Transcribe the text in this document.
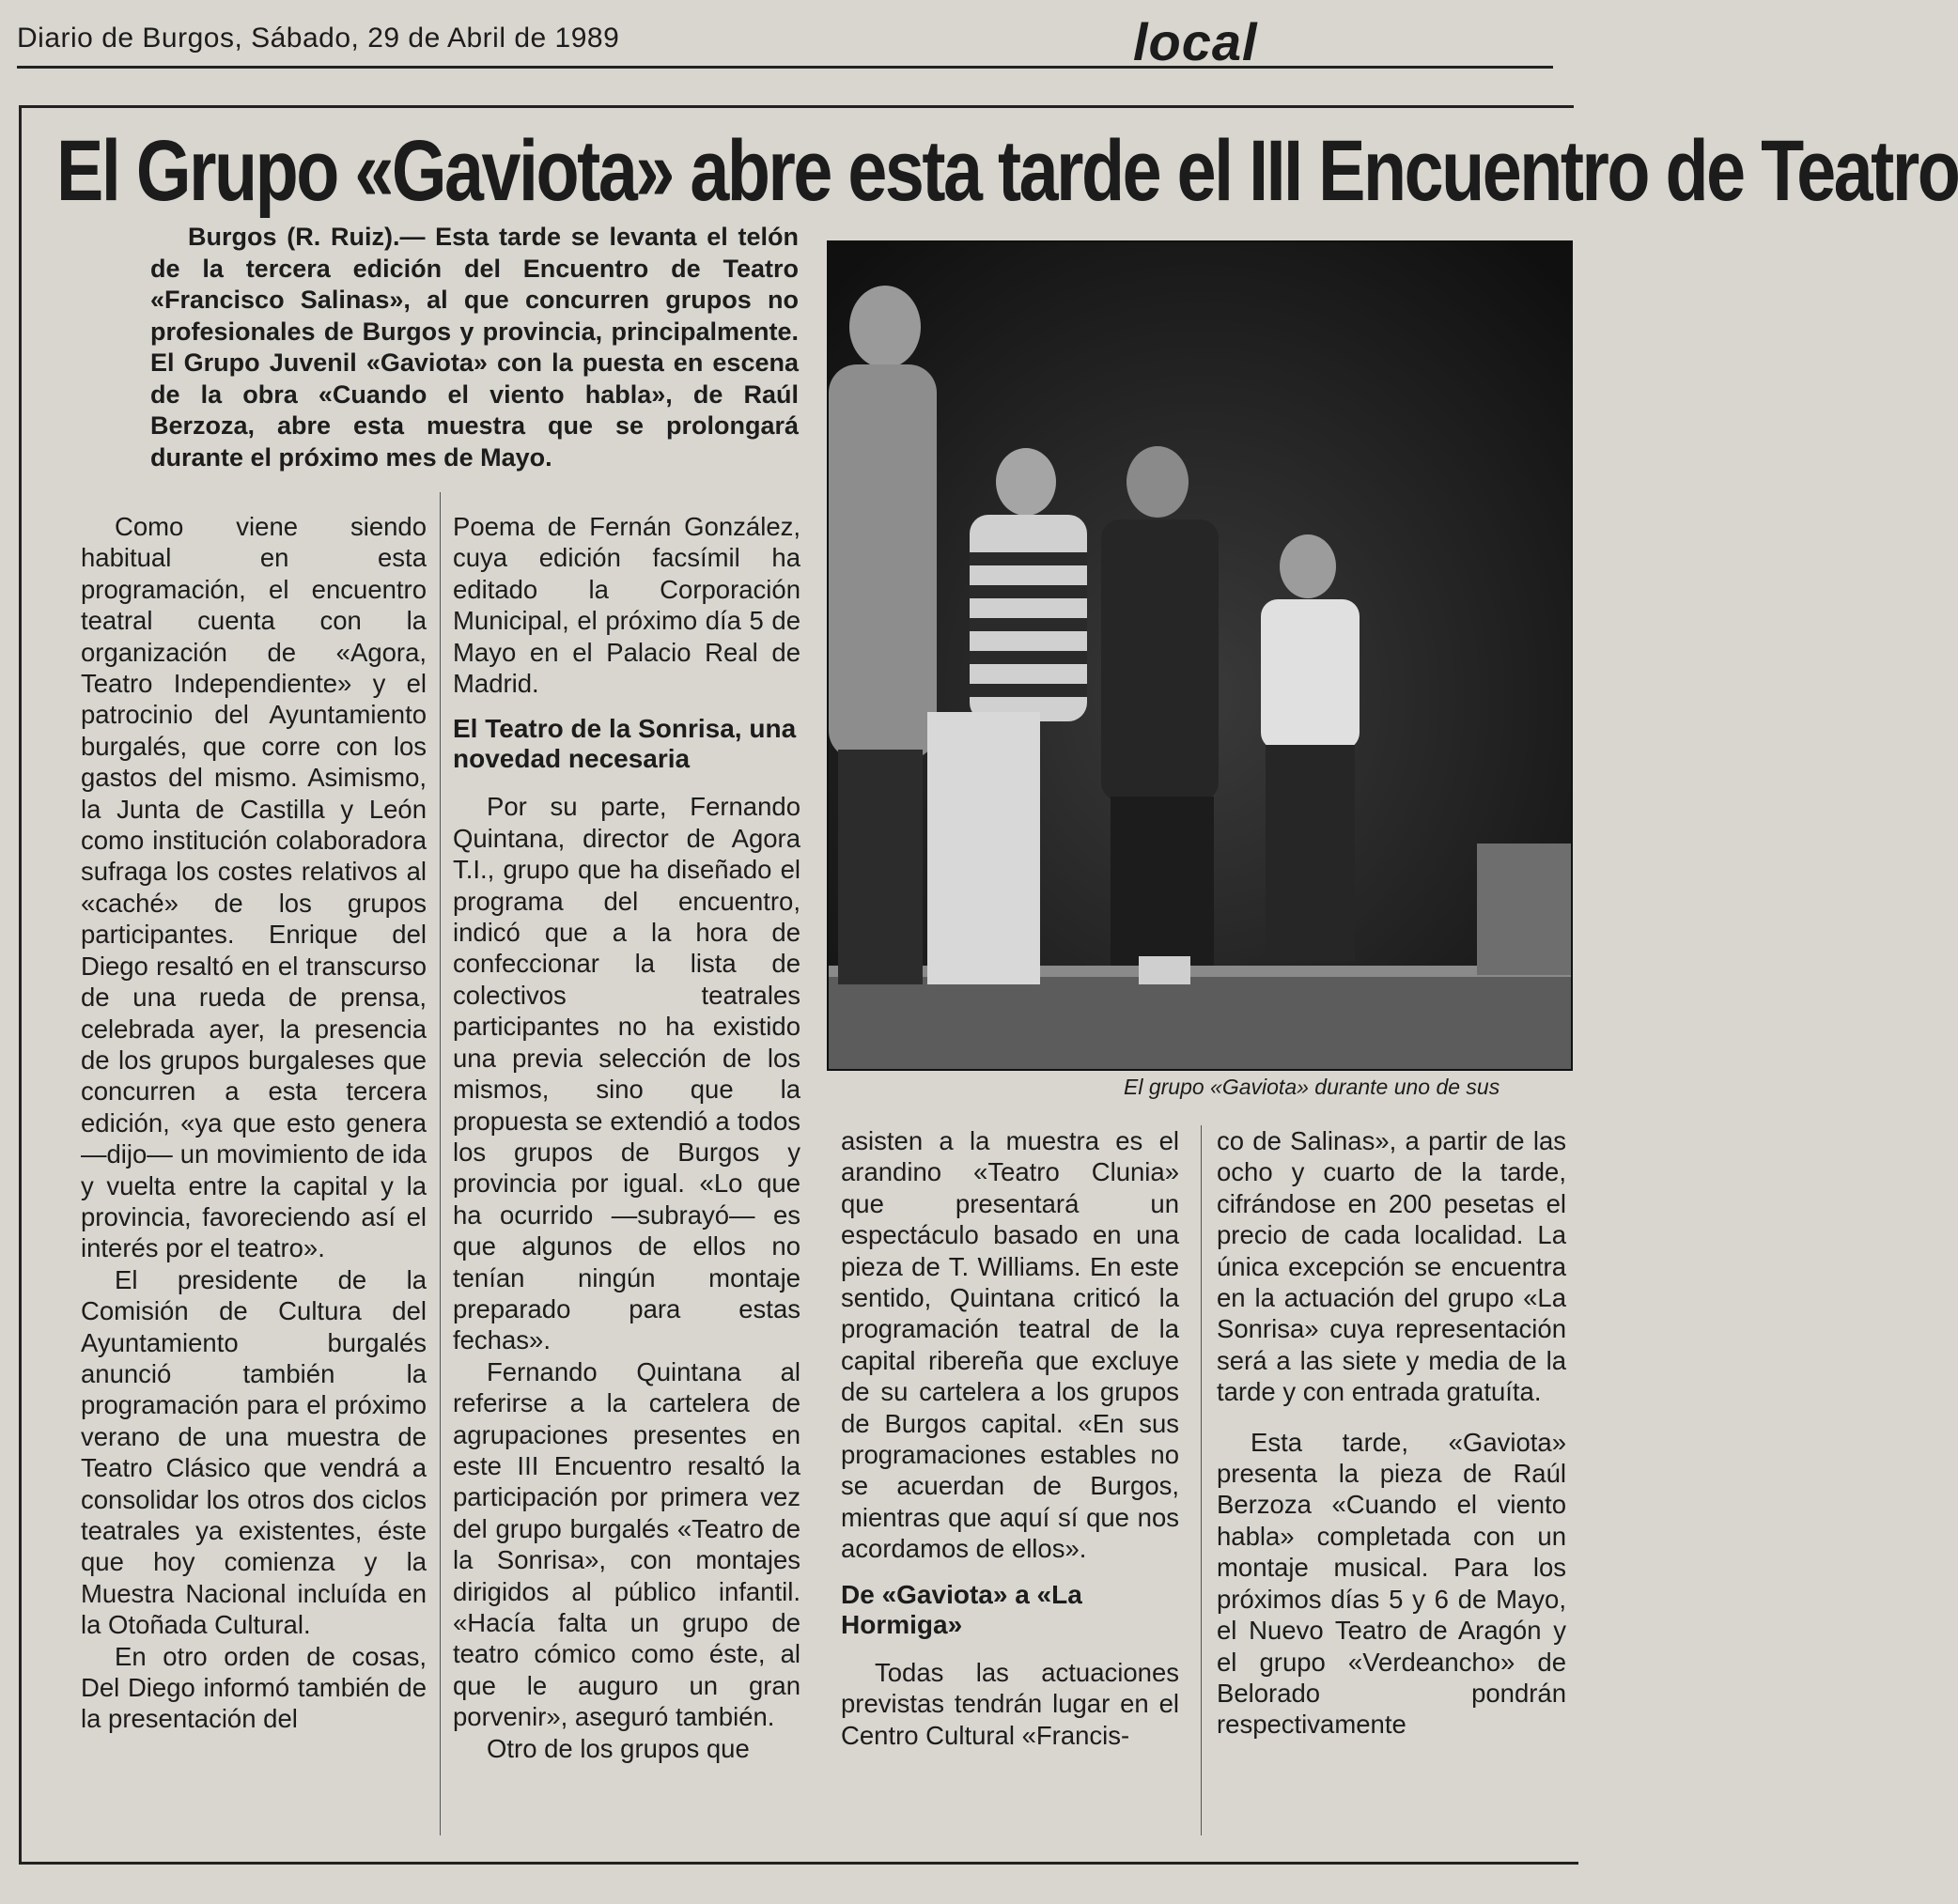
Diario de Burgos, Sábado, 29 de Abril de 1989	local
El Grupo «Gaviota» abre esta tarde el III Encuentro de Teatro

Burgos (R. Ruiz).— Esta tarde se levanta el telón de la tercera edición del Encuentro de Teatro «Francisco Salinas», al que concurren grupos no profesionales de Burgos y provincia, principalmente. El Grupo Juvenil «Gaviota» con la puesta en escena de la obra «Cuando el viento habla», de Raúl Berzoza, abre esta muestra que se prolongará durante el próximo mes de Mayo.

Como viene siendo habitual en esta programación, el encuentro teatral cuenta con la organización de «Agora, Teatro Independiente» y el patrocinio del Ayuntamiento burgalés, que corre con los gastos del mismo. Asimismo, la Junta de Castilla y León como institución colaboradora sufraga los costes relativos al «caché» de los grupos participantes. Enrique del Diego resaltó en el transcurso de una rueda de prensa, celebrada ayer, la presencia de los grupos burgaleses que concurren a esta tercera edición, «ya que esto genera —dijo— un movimiento de ida y vuelta entre la capital y la provincia, favoreciendo así el interés por el teatro».

El presidente de la Comisión de Cultura del Ayuntamiento burgalés anunció también la programación para el próximo verano de una muestra de Teatro Clásico que vendrá a consolidar los otros dos ciclos teatrales ya existentes, éste que hoy comienza y la Muestra Nacional incluída en la Otoñada Cultural.

En otro orden de cosas, Del Diego informó también de la presentación del

Poema de Fernán González, cuya edición facsímil ha editado la Corporación Municipal, el próximo día 5 de Mayo en el Palacio Real de Madrid.

El Teatro de la Sonrisa, una novedad necesaria

Por su parte, Fernando Quintana, director de Agora T.I., grupo que ha diseñado el programa del encuentro, indicó que a la hora de confeccionar la lista de colectivos teatrales participantes no ha existido una previa selección de los mismos, sino que la propuesta se extendió a todos los grupos de Burgos y provincia por igual. «Lo que ha ocurrido —subrayó— es que algunos de ellos no tenían ningún montaje preparado para estas fechas».

Fernando Quintana al referirse a la cartelera de agrupaciones presentes en este III Encuentro resaltó la participación por primera vez del grupo burgalés «Teatro de la Sonrisa», con montajes dirigidos al público infantil. «Hacía falta un grupo de teatro cómico como éste, al que le auguro un gran porvenir», aseguró también.

Otro de los grupos que

El grupo «Gaviota» durante uno de sus

asisten a la muestra es el arandino «Teatro Clunia» que presentará un espectáculo basado en una pieza de T. Williams. En este sentido, Quintana criticó la programación teatral de la capital ribereña que excluye de su cartelera a los grupos de Burgos capital. «En sus programaciones estables no se acuerdan de Burgos, mientras que aquí sí que nos acordamos de ellos».

De «Gaviota» a «La Hormiga»

Todas las actuaciones previstas tendrán lugar en el Centro Cultural «Francis-

co de Salinas», a partir de las ocho y cuarto de la tarde, cifrándose en 200 pesetas el precio de cada localidad. La única excepción se encuentra en la actuación del grupo «La Sonrisa» cuya representación será a las siete y media de la tarde y con entrada gratuíta.

Esta tarde, «Gaviota» presenta la pieza de Raúl Berzoza «Cuando el viento habla» completada con un montaje musical. Para los próximos días 5 y 6 de Mayo, el Nuevo Teatro de Aragón y el grupo «Verdeancho» de Belorado pondrán respectivamente
